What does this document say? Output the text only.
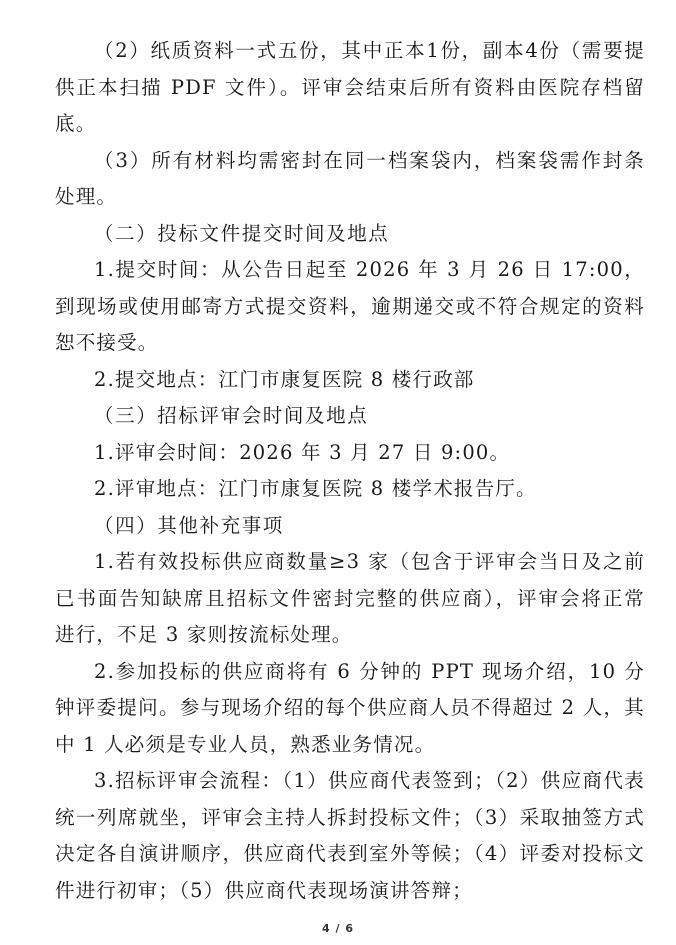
（2）纸质资料一式五份，其中正本1份，副本4份（需要提供正本扫描 PDF 文件）。评审会结束后所有资料由医院存档留底。

（3）所有材料均需密封在同一档案袋内，档案袋需作封条处理。

（二）投标文件提交时间及地点

1.提交时间：从公告日起至 2026 年 3 月 26 日 17:00，到现场或使用邮寄方式提交资料，逾期递交或不符合规定的资料恕不接受。

2.提交地点：江门市康复医院 8 楼行政部

（三）招标评审会时间及地点

1.评审会时间：2026 年 3 月 27 日 9:00。

2.评审地点：江门市康复医院 8 楼学术报告厅。

（四）其他补充事项

1.若有效投标供应商数量≥3 家（包含于评审会当日及之前已书面告知缺席且招标文件密封完整的供应商），评审会将正常进行，不足 3 家则按流标处理。

2.参加投标的供应商将有 6 分钟的 PPT 现场介绍，10 分钟评委提问。参与现场介绍的每个供应商人员不得超过 2 人，其中 1 人必须是专业人员，熟悉业务情况。

3.招标评审会流程：（1）供应商代表签到；（2）供应商代表统一列席就坐，评审会主持人拆封投标文件；（3）采取抽签方式决定各自演讲顺序，供应商代表到室外等候；（4）评委对投标文件进行初审；（5）供应商代表现场演讲答辩；

4 / 6
